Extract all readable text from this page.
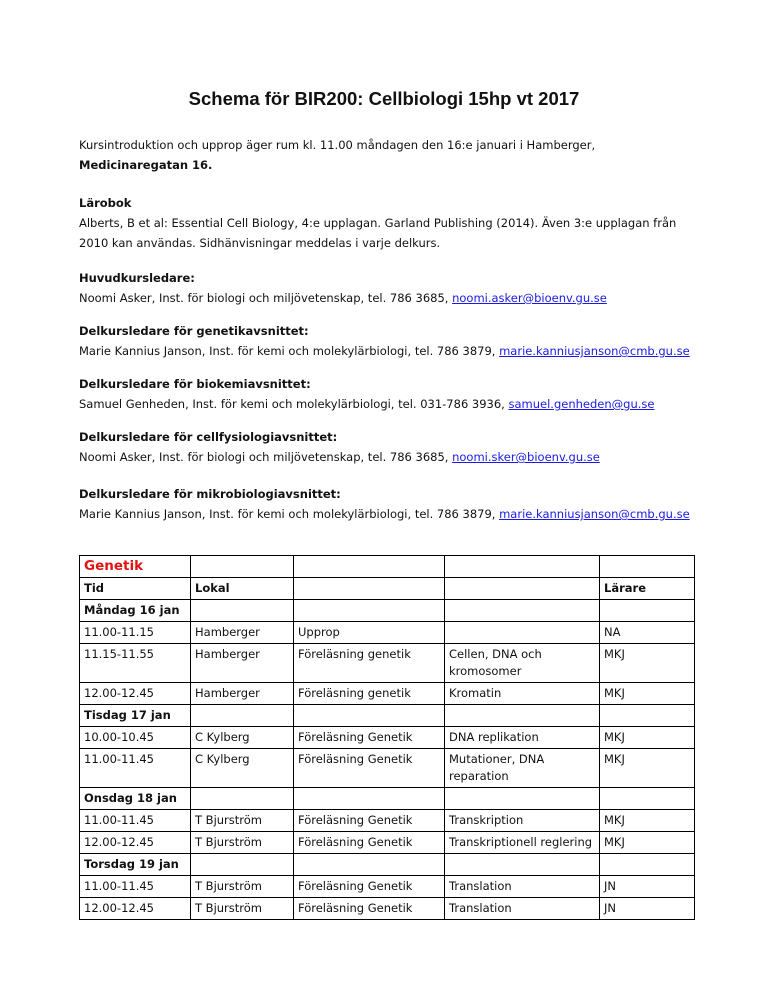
Schema för BIR200: Cellbiologi 15hp vt 2017
Kursintroduktion och upprop äger rum kl. 11.00 måndagen den 16:e januari i Hamberger, Medicinaregatan 16.
Lärobok
Alberts, B et al: Essential Cell Biology, 4:e upplagan. Garland Publishing (2014). Även 3:e upplagan från 2010 kan användas. Sidhänvisningar meddelas i varje delkurs.
Huvudkursledare:
Noomi Asker, Inst. för biologi och miljövetenskap, tel. 786 3685, noomi.asker@bioenv.gu.se
Delkursledare för genetikavsnittet:
Marie Kannius Janson, Inst. för kemi och molekylärbiologi, tel. 786 3879, marie.kanniusjanson@cmb.gu.se
Delkursledare för biokemiavsnittet:
Samuel Genheden, Inst. för kemi och molekylärbiologi, tel. 031-786 3936, samuel.genheden@gu.se
Delkursledare för cellfysiologiavsnittet:
Noomi Asker, Inst. för biologi och miljövetenskap, tel. 786 3685, noomi.sker@bioenv.gu.se
Delkursledare för mikrobiologiavsnittet:
Marie Kannius Janson, Inst. för kemi och molekylärbiologi, tel. 786 3879, marie.kanniusjanson@cmb.gu.se
Genetik				
Tid	Lokal			Lärare
Måndag 16 jan				
11.00-11.15	Hamberger	Upprop		NA
11.15-11.55	Hamberger	Föreläsning genetik	Cellen, DNA och kromosomer	MKJ
12.00-12.45	Hamberger	Föreläsning genetik	Kromatin	MKJ
Tisdag 17 jan				
10.00-10.45	C Kylberg	Föreläsning Genetik	DNA replikation	MKJ
11.00-11.45	C Kylberg	Föreläsning Genetik	Mutationer, DNA reparation	MKJ
Onsdag 18 jan				
11.00-11.45	T Bjurström	Föreläsning Genetik	Transkription	MKJ
12.00-12.45	T Bjurström	Föreläsning Genetik	Transkriptionell reglering	MKJ
Torsdag 19 jan				
11.00-11.45	T Bjurström	Föreläsning Genetik	Translation	JN
12.00-12.45	T Bjurström	Föreläsning Genetik	Translation	JN
